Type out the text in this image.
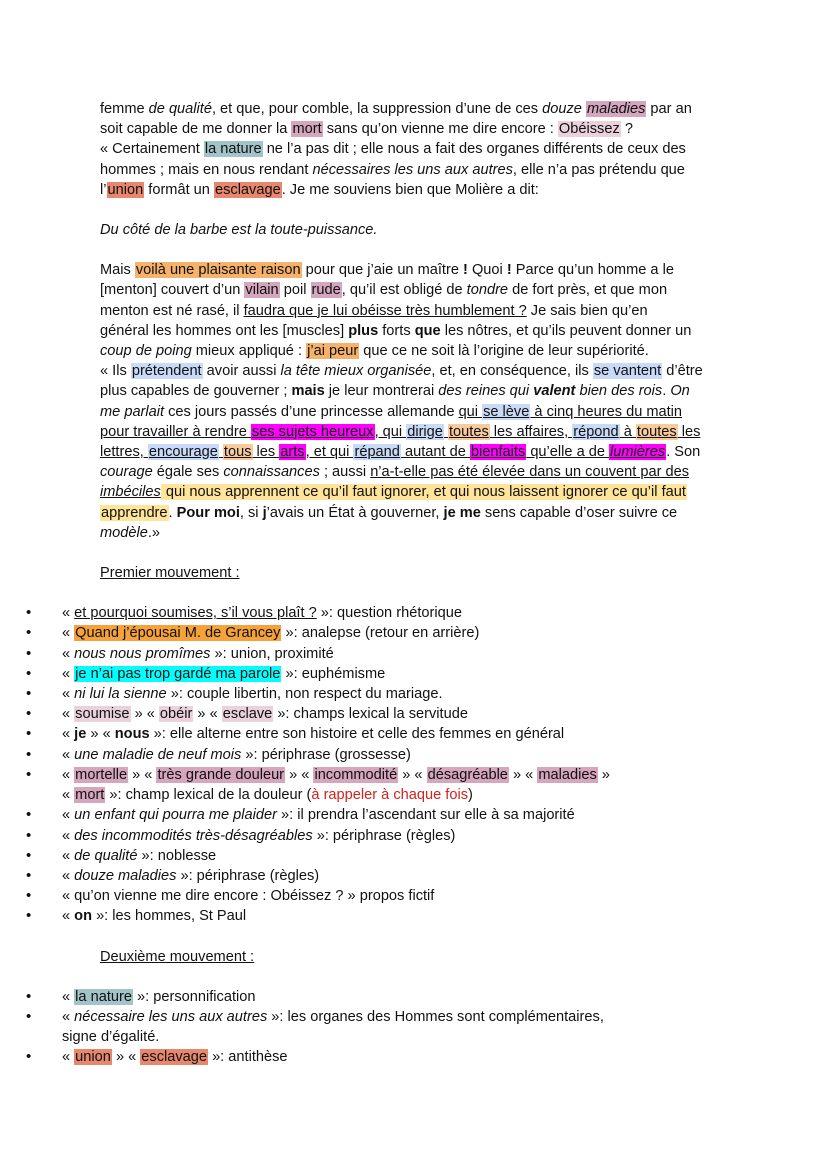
femme de qualité, et que, pour comble, la suppression d’une de ces douze maladies par an
soit capable de me donner la mort sans qu’on vienne me dire encore : Obéissez ?

« Certainement la nature ne l’a pas dit ; elle nous a fait des organes différents de ceux des
hommes ; mais en nous rendant nécessaires les uns aux autres, elle n’a pas prétendu que
l’union formât un esclavage. Je me souviens bien que Molière a dit:

Du côté de la barbe est la toute-puissance.

Mais voilà une plaisante raison pour que j’aie un maître ! Quoi ! Parce qu’un homme a le
[menton] couvert d’un vilain poil rude, qu’il est obligé de tondre de fort près, et que mon
menton est né rasé, il faudra que je lui obéisse très humblement ? Je sais bien qu’en
général les hommes ont les [muscles] plus forts que les nôtres, et qu’ils peuvent donner un
coup de poing mieux appliqué : j’ai peur que ce ne soit là l’origine de leur supériorité.
« Ils prétendent avoir aussi la tête mieux organisée, et, en conséquence, ils se vantent d’être
plus capables de gouverner ; mais je leur montrerai des reines qui valent bien des rois. On
me parlait ces jours passés d’une princesse allemande qui se lève à cinq heures du matin
pour travailler à rendre ses sujets heureux, qui dirige toutes les affaires, répond à toutes les
lettres, encourage tous les arts, et qui répand autant de bienfaits qu’elle a de lumières. Son
courage égale ses connaissances ; aussi n’a-t-elle pas été élevée dans un couvent par des
imbéciles qui nous apprennent ce qu’il faut ignorer, et qui nous laissent ignorer ce qu’il faut
apprendre. Pour moi, si j’avais un État à gouverner, je me sens capable d’oser suivre ce
modèle.»

Premier mouvement :

• « et pourquoi soumises, s’il vous plaît ? »: question rhétorique
• « Quand j’épousai M. de Grancey »: analepse (retour en arrière)
• « nous nous promîmes »: union, proximité
• « je n’ai pas trop gardé ma parole »: euphémisme
• « ni lui la sienne »: couple libertin, non respect du mariage.
• « soumise » « obéir » « esclave »: champs lexical la servitude
• « je » « nous »: elle alterne entre son histoire et celle des femmes en général
• « une maladie de neuf mois »: périphrase (grossesse)
• « mortelle » « très grande douleur » « incommodité » « désagréable » « maladies »
« mort »: champ lexical de la douleur (à rappeler à chaque fois)
• « un enfant qui pourra me plaider »: il prendra l’ascendant sur elle à sa majorité
• « des incommodités très-désagréables »: périphrase (règles)
• « de qualité »: noblesse
• « douze maladies »: périphrase (règles)
• « qu’on vienne me dire encore : Obéissez ? » propos fictif
• « on »: les hommes, St Paul

Deuxième mouvement :

• « la nature »: personnification
• « nécessaire les uns aux autres »: les organes des Hommes sont complémentaires,
signe d’égalité.
• « union » « esclavage »: antithèse
